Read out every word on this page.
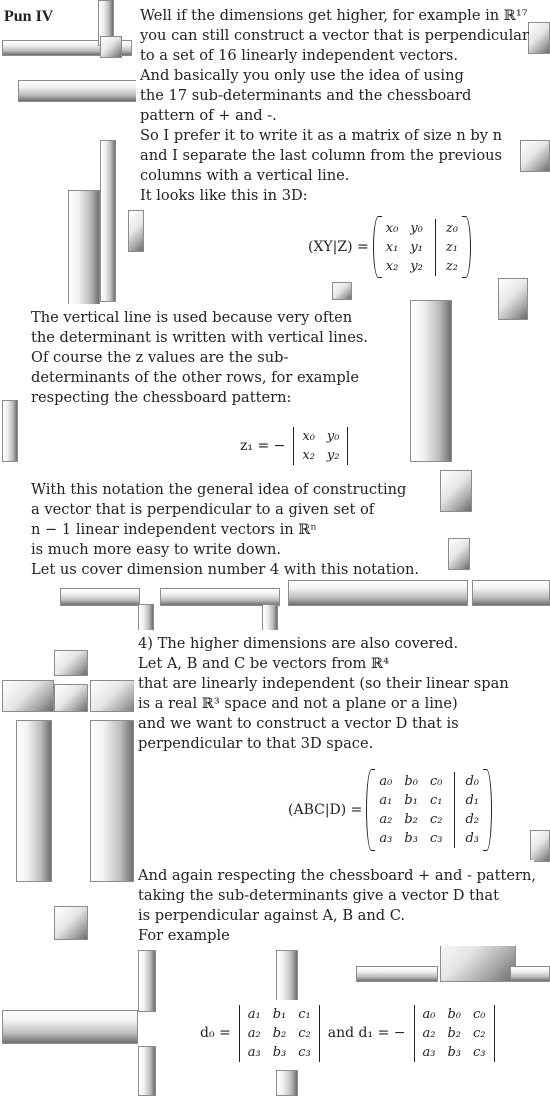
Pun IV	Well if the dimensions get higher, for example in ℝ¹⁷
you can still construct a vector that is perpendicular
to a set of 16 linearly independent vectors.
And basically you only use the idea of using
the 17 sub-determinants and the chessboard
pattern of + and -.
So I prefer it to write it as a matrix of size n by n
and I separate the last column from the previous
columns with a vertical line.
It looks like this in 3D:
(XY|Z) =
x₀ y₀	z₀
x₁ y₁	z₁
x₂ y₂	z₂
The vertical line is used because very often
the determinant is written with vertical lines.
Of course the z values are the sub-
determinants of the other rows, for example
respecting the chessboard pattern:
z₁ = −
x₀ y₀
x₂ y₂
With this notation the general idea of constructing
a vector that is perpendicular to a given set of
n − 1 linear independent vectors in ℝⁿ
is much more easy to write down.
Let us cover dimension number 4 with this notation.
4) The higher dimensions are also covered.
Let A, B and C be vectors from ℝ⁴
that are linearly independent (so their linear span
is a real ℝ³ space and not a plane or a line)
and we want to construct a vector D that is
perpendicular to that 3D space.
(ABC|D) =
a₀ b₀ c₀	d₀
a₁ b₁ c₁	d₁
a₂ b₂ c₂	d₂
a₃ b₃ c₃	d₃
And again respecting the chessboard + and - pattern,
taking the sub-determinants give a vector D that
is perpendicular against A, B and C.
For example
d₀ =
a₁ b₁ c₁
a₂ b₂ c₂
a₃ b₃ c₃
and d₁ = −
a₀ b₀ c₀
a₂ b₂ c₂
a₃ b₃ c₃
